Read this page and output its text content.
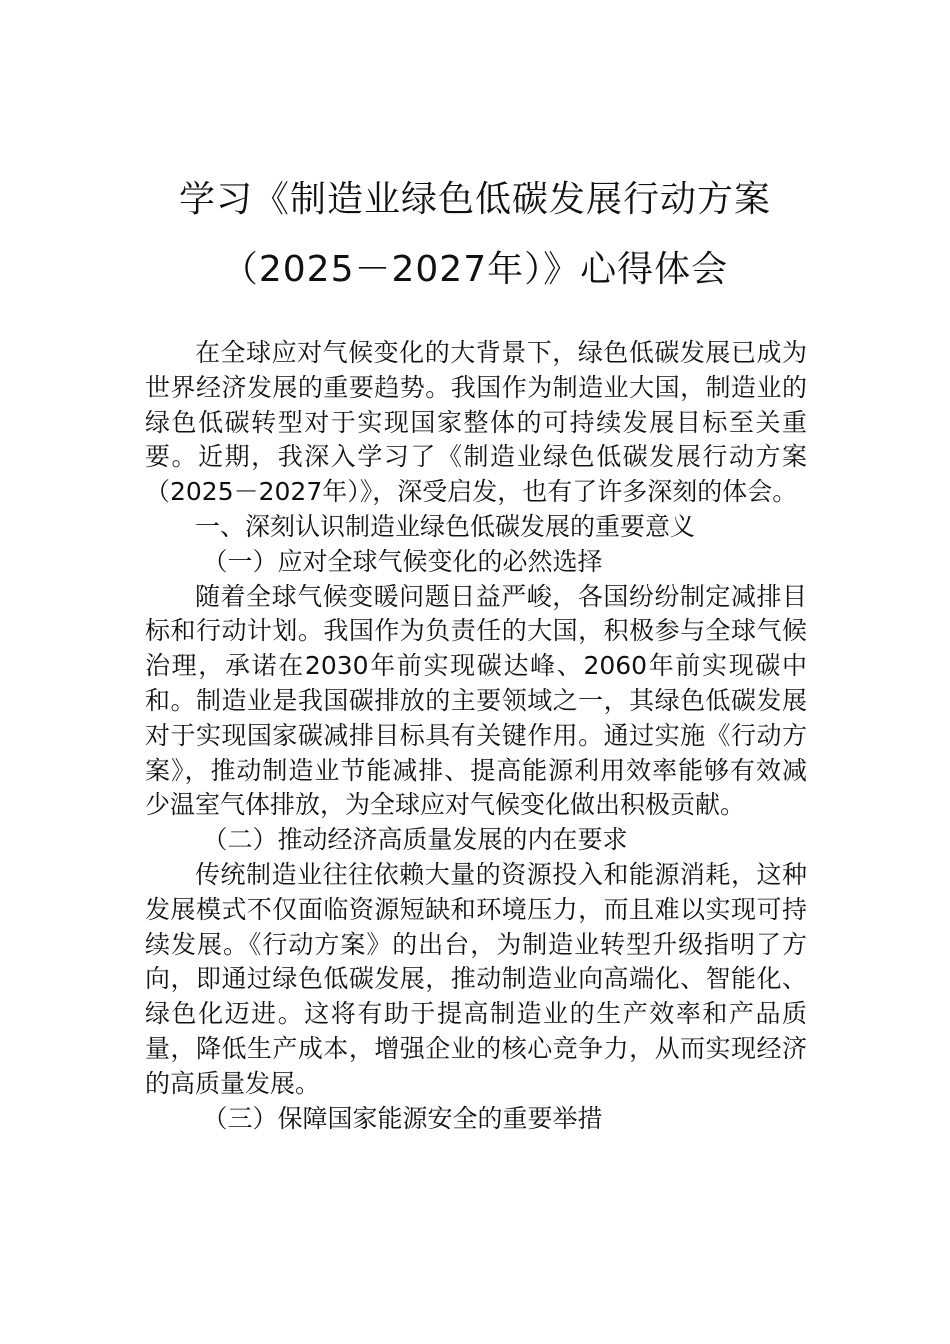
学习《制造业绿色低碳发展行动方案
（2025－2027年）》心得体会

在全球应对气候变化的大背景下，绿色低碳发展已成为世界经济发展的重要趋势。我国作为制造业大国，制造业的绿色低碳转型对于实现国家整体的可持续发展目标至关重要。近期，我深入学习了《制造业绿色低碳发展行动方案（2025－2027年）》，深受启发，也有了许多深刻的体会。

一、深刻认识制造业绿色低碳发展的重要意义

（一）应对全球气候变化的必然选择

随着全球气候变暖问题日益严峻，各国纷纷制定减排目标和行动计划。我国作为负责任的大国，积极参与全球气候治理，承诺在2030年前实现碳达峰、2060年前实现碳中和。制造业是我国碳排放的主要领域之一，其绿色低碳发展对于实现国家碳减排目标具有关键作用。通过实施《行动方案》，推动制造业节能减排、提高能源利用效率能够有效减少温室气体排放，为全球应对气候变化做出积极贡献。

（二）推动经济高质量发展的内在要求

传统制造业往往依赖大量的资源投入和能源消耗，这种发展模式不仅面临资源短缺和环境压力，而且难以实现可持续发展。《行动方案》的出台，为制造业转型升级指明了方向，即通过绿色低碳发展，推动制造业向高端化、智能化、绿色化迈进。这将有助于提高制造业的生产效率和产品质量，降低生产成本，增强企业的核心竞争力，从而实现经济的高质量发展。

（三）保障国家能源安全的重要举措
